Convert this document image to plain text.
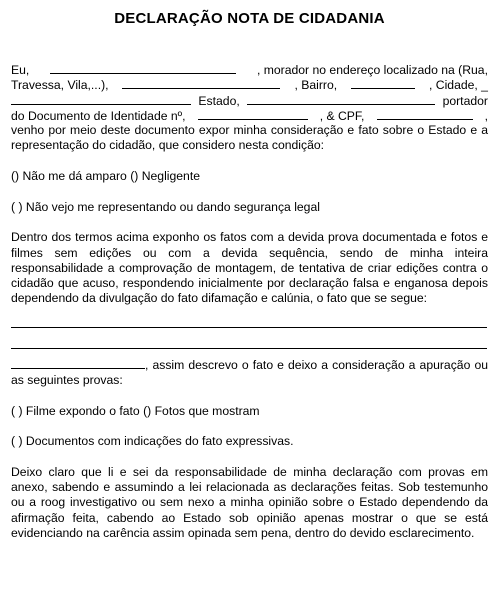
DECLARAÇÃO NOTA DE CIDADANIA
Eu,	, morador no endereço localizado na (Rua,
Travessa, Vila,...),	, Bairro,	, Cidade, _
Estado,	portador
do Documento de Identidade nº,	, & CPF,	,

venho por meio deste documento expor minha consideração e fato sobre o Estado e a representação do cidadão, que considero nesta condição:

() Não me dá amparo () Negligente

( ) Não vejo me representando ou dando segurança legal

Dentro dos termos acima exponho os fatos com a devida prova documentada e fotos e filmes sem edições ou com a devida sequência, sendo de minha inteira responsabilidade a comprovação de montagem, de tentativa de criar edições contra o cidadão que acuso, respondendo inicialmente por declaração falsa e enganosa depois dependendo da divulgação do fato difamação e calúnia, o fato que se segue:

, assim descrevo o fato e deixo a consideração a apuração ou as seguintes provas:

( ) Filme expondo o fato () Fotos que mostram

( ) Documentos com indicações do fato expressivas.

Deixo claro que li e sei da responsabilidade de minha declaração com provas em anexo, sabendo e assumindo a lei relacionada as declarações feitas. Sob testemunho ou a roog investigativo ou sem nexo a minha opinião sobre o Estado dependendo da afirmação feita, cabendo ao Estado sob opinião apenas mostrar o que se está evidenciando na carência assim opinada sem pena, dentro do devido esclarecimento.
